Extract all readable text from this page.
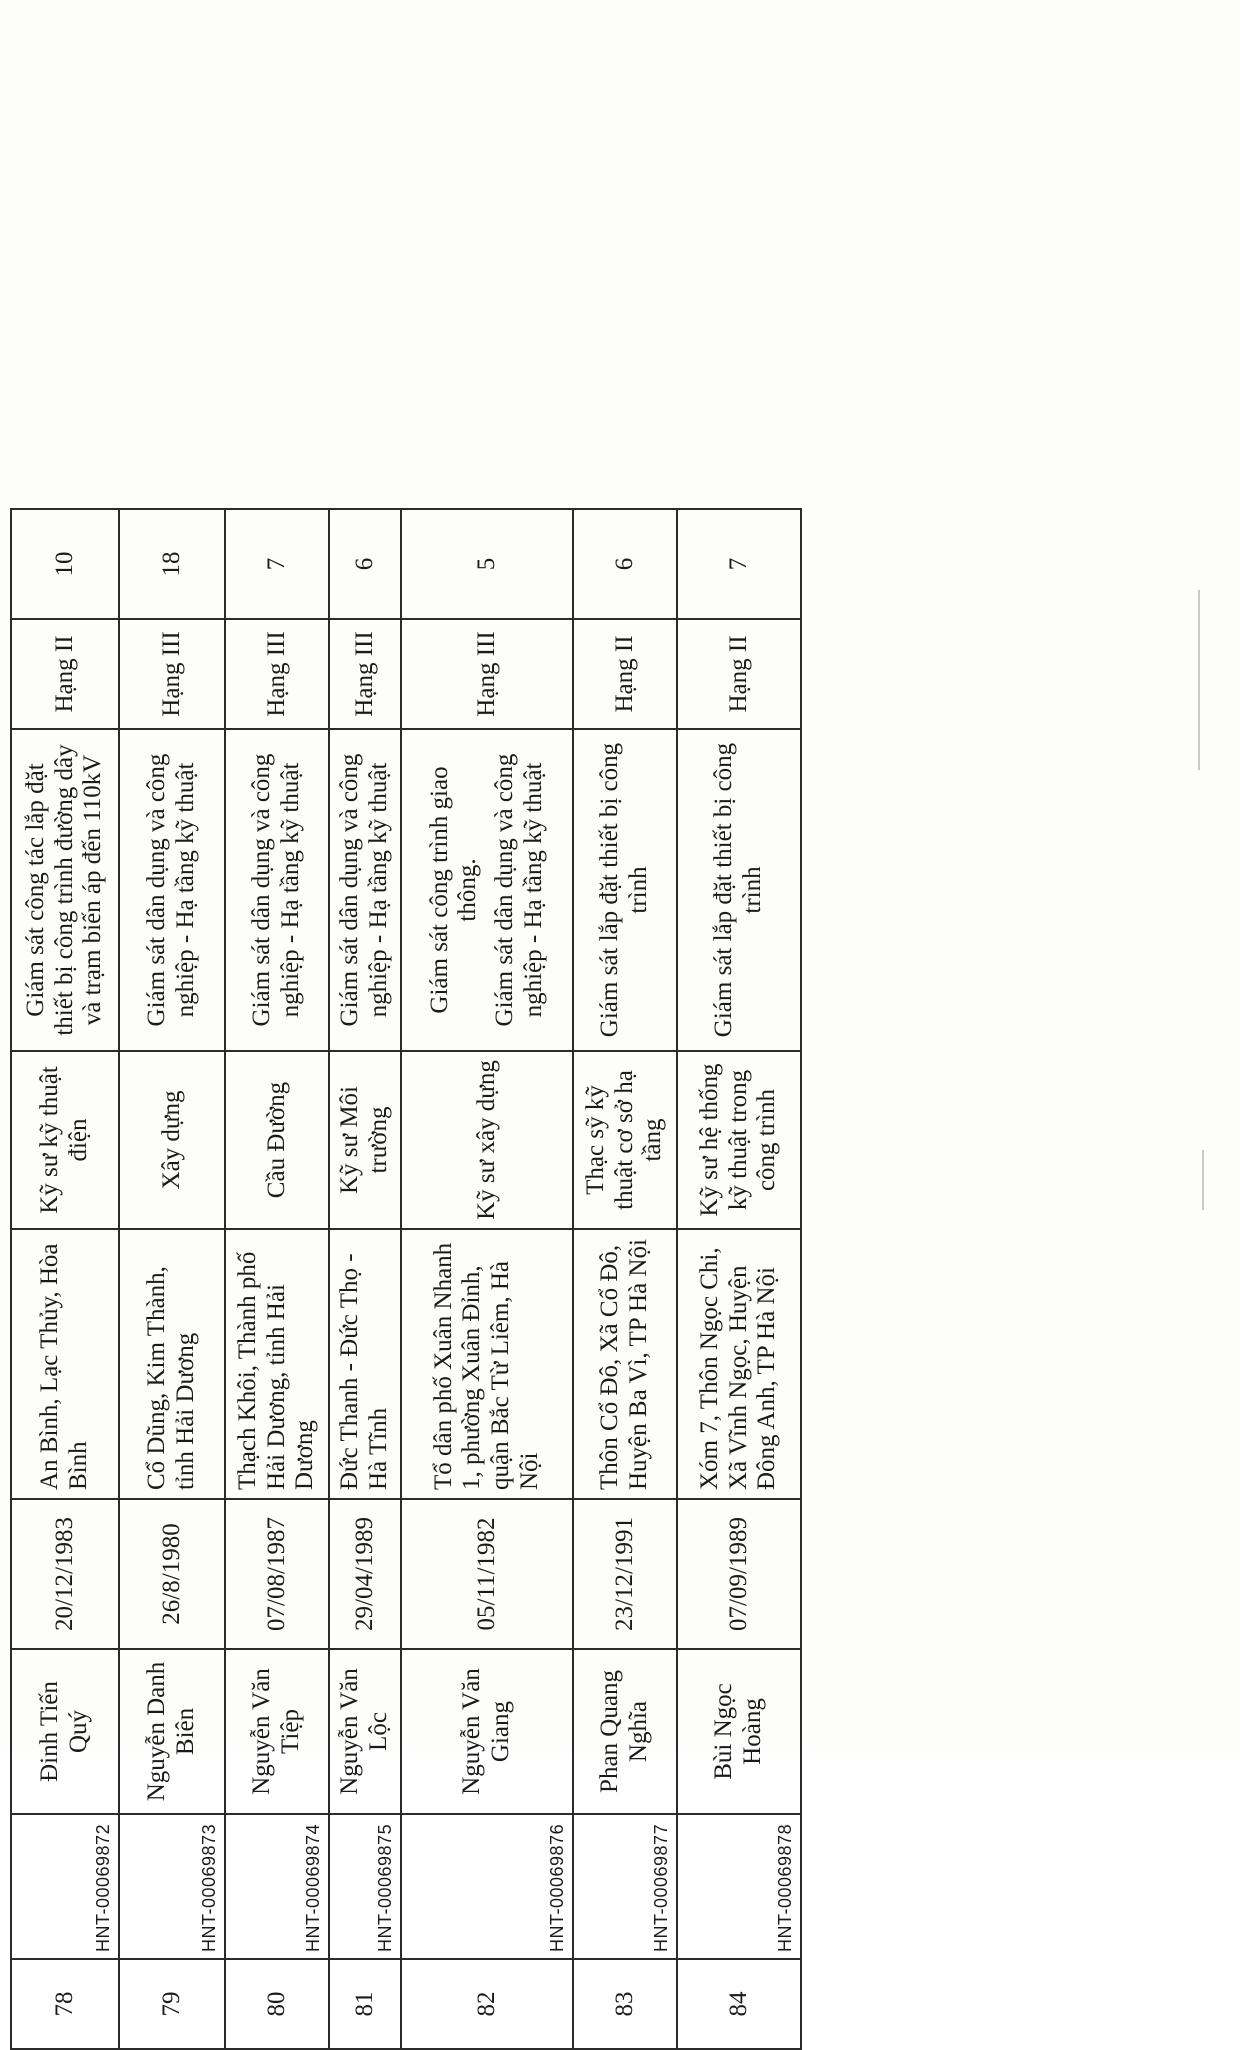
78	HNT-00069872	Đinh Tiến Quý	20/12/1983	An Bình, Lạc Thủy, Hòa Bình	Kỹ sư kỹ thuật điện	Giám sát công tác lắp đặt thiết bị công trình đường dây và trạm biến áp đến 110kV	Hạng II	10
79	HNT-00069873	Nguyễn Danh Biên	26/8/1980	Cổ Dũng, Kim Thành, tỉnh Hải Dương	Xây dựng	Giám sát dân dụng và công nghiệp - Hạ tầng kỹ thuật	Hạng III	18
80	HNT-00069874	Nguyễn Văn Tiệp	07/08/1987	Thạch Khôi, Thành phố Hải Dương, tỉnh Hải Dương	Cầu Đường	Giám sát dân dụng và công nghiệp - Hạ tầng kỹ thuật	Hạng III	7
81	HNT-00069875	Nguyễn Văn Lộc	29/04/1989	Đức Thanh - Đức Thọ - Hà Tĩnh	Kỹ sư Môi trường	Giám sát dân dụng và công nghiệp - Hạ tầng kỹ thuật	Hạng III	6
82	HNT-00069876	Nguyễn Văn Giang	05/11/1982	Tổ dân phố Xuân Nhanh 1, phường Xuân Đỉnh, quận Bắc Từ Liêm, Hà Nội	Kỹ sư xây dựng	Giám sát công trình giao thông. Giám sát dân dụng và công nghiệp - Hạ tầng kỹ thuật	Hạng III	5
83	HNT-00069877	Phan Quang Nghĩa	23/12/1991	Thôn Cổ Đô, Xã Cổ Đô, Huyện Ba Vì, TP Hà Nội	Thạc sỹ kỹ thuật cơ sở hạ tầng	Giám sát lắp đặt thiết bị công trình	Hạng II	6
84	HNT-00069878	Bùi Ngọc Hoàng	07/09/1989	Xóm 7, Thôn Ngọc Chi, Xã Vĩnh Ngọc, Huyện Đông Anh, TP Hà Nội	Kỹ sư hệ thống kỹ thuật trong công trình	Giám sát lắp đặt thiết bị công trình	Hạng II	7
